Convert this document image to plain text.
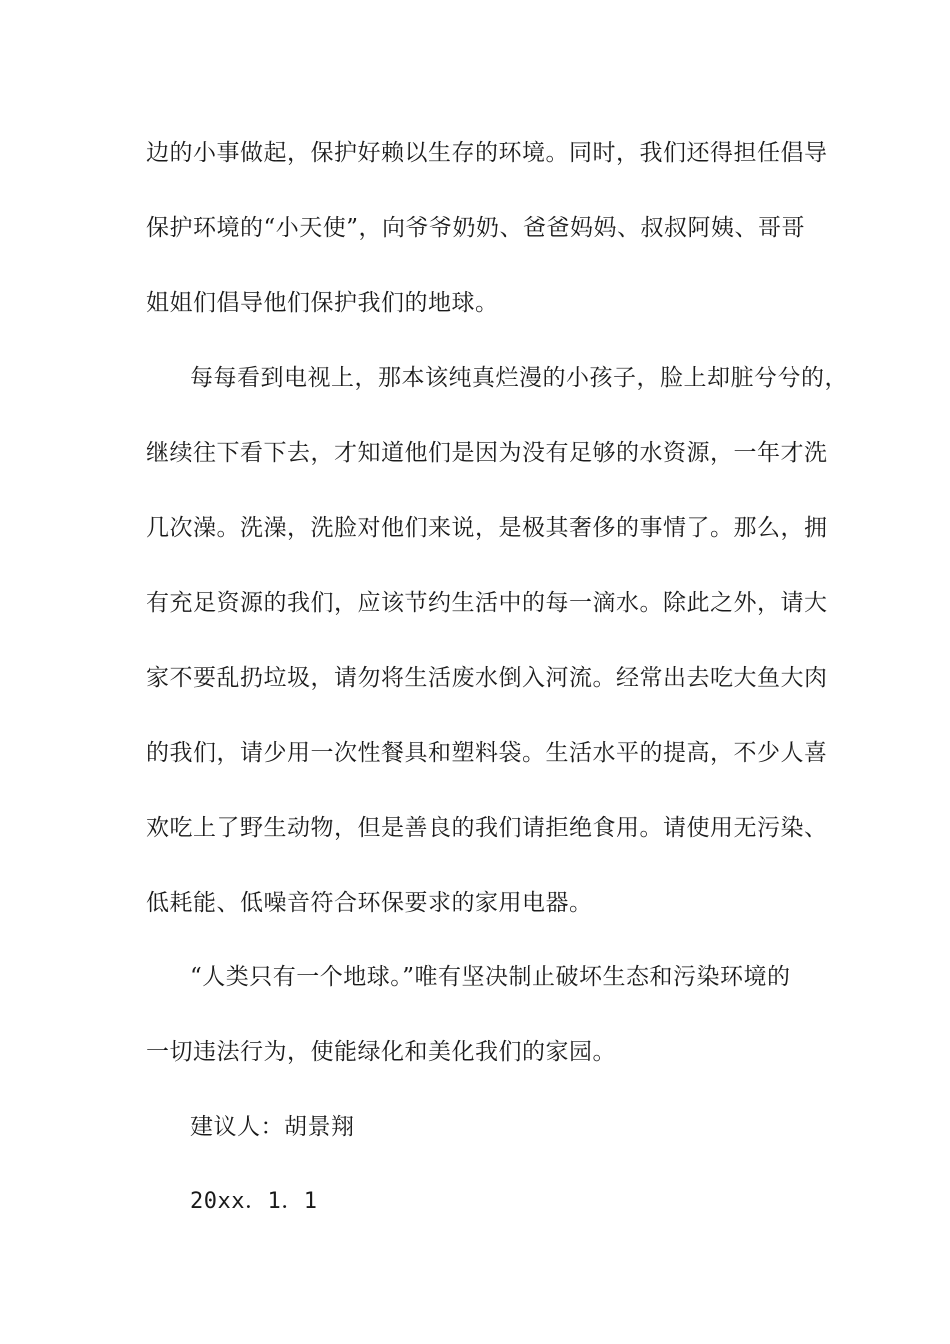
边的小事做起，保护好赖以生存的环境。同时，我们还得担任倡导
保护环境的“小天使”，向爷爷奶奶、爸爸妈妈、叔叔阿姨、哥哥
姐姐们倡导他们保护我们的地球。
每每看到电视上，那本该纯真烂漫的小孩子，脸上却脏兮兮的，
继续往下看下去，才知道他们是因为没有足够的水资源，一年才洗
几次澡。洗澡，洗脸对他们来说，是极其奢侈的事情了。那么，拥
有充足资源的我们，应该节约生活中的每一滴水。除此之外，请大
家不要乱扔垃圾，请勿将生活废水倒入河流。经常出去吃大鱼大肉
的我们，请少用一次性餐具和塑料袋。生活水平的提高，不少人喜
欢吃上了野生动物，但是善良的我们请拒绝食用。请使用无污染、
低耗能、低噪音符合环保要求的家用电器。
“人类只有一个地球。”唯有坚决制止破坏生态和污染环境的
一切违法行为，使能绿化和美化我们的家园。
建议人：胡景翔
20xx．1．1
